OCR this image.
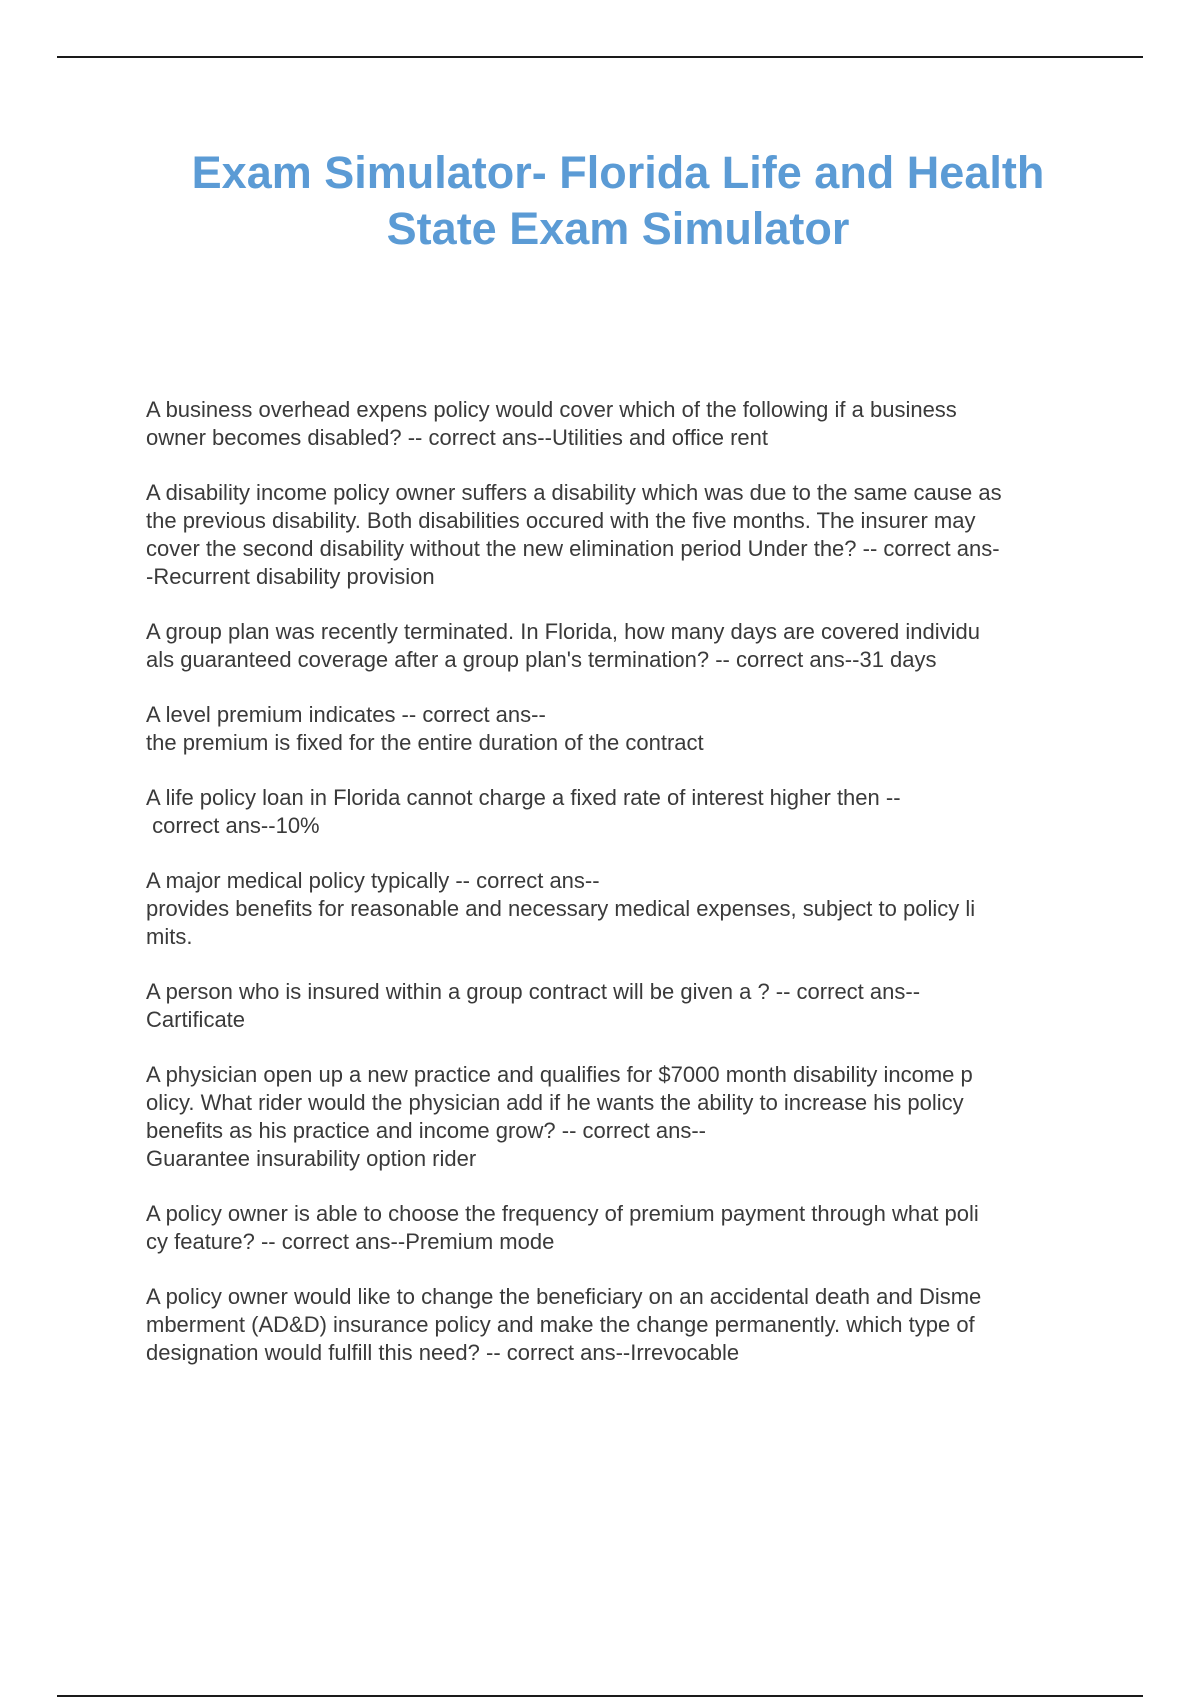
Exam Simulator- Florida Life and Health
State Exam Simulator
A business overhead expens policy would cover which of the following if a business
owner becomes disabled? -- correct ans--Utilities and office rent
A disability income policy owner suffers a disability which was due to the same cause as
the previous disability. Both disabilities occured with the five months. The insurer may
cover the second disability without the new elimination period Under the? -- correct ans-
-Recurrent disability provision
A group plan was recently terminated. In Florida, how many days are covered individu
als guaranteed coverage after a group plan's termination? -- correct ans--31 days
A level premium indicates -- correct ans--
the premium is fixed for the entire duration of the contract
A life policy loan in Florida cannot charge a fixed rate of interest higher then --
correct ans--10%
A major medical policy typically -- correct ans--
provides benefits for reasonable and necessary medical expenses, subject to policy li
mits.
A person who is insured within a group contract will be given a ? -- correct ans--
Cartificate
A physician open up a new practice and qualifies for $7000 month disability income p
olicy. What rider would the physician add if he wants the ability to increase his policy
benefits as his practice and income grow? -- correct ans--
Guarantee insurability option rider
A policy owner is able to choose the frequency of premium payment through what poli
cy feature? -- correct ans--Premium mode
A policy owner would like to change the beneficiary on an accidental death and Disme
mberment (AD&D) insurance policy and make the change permanently. which type of
designation would fulfill this need? -- correct ans--Irrevocable
